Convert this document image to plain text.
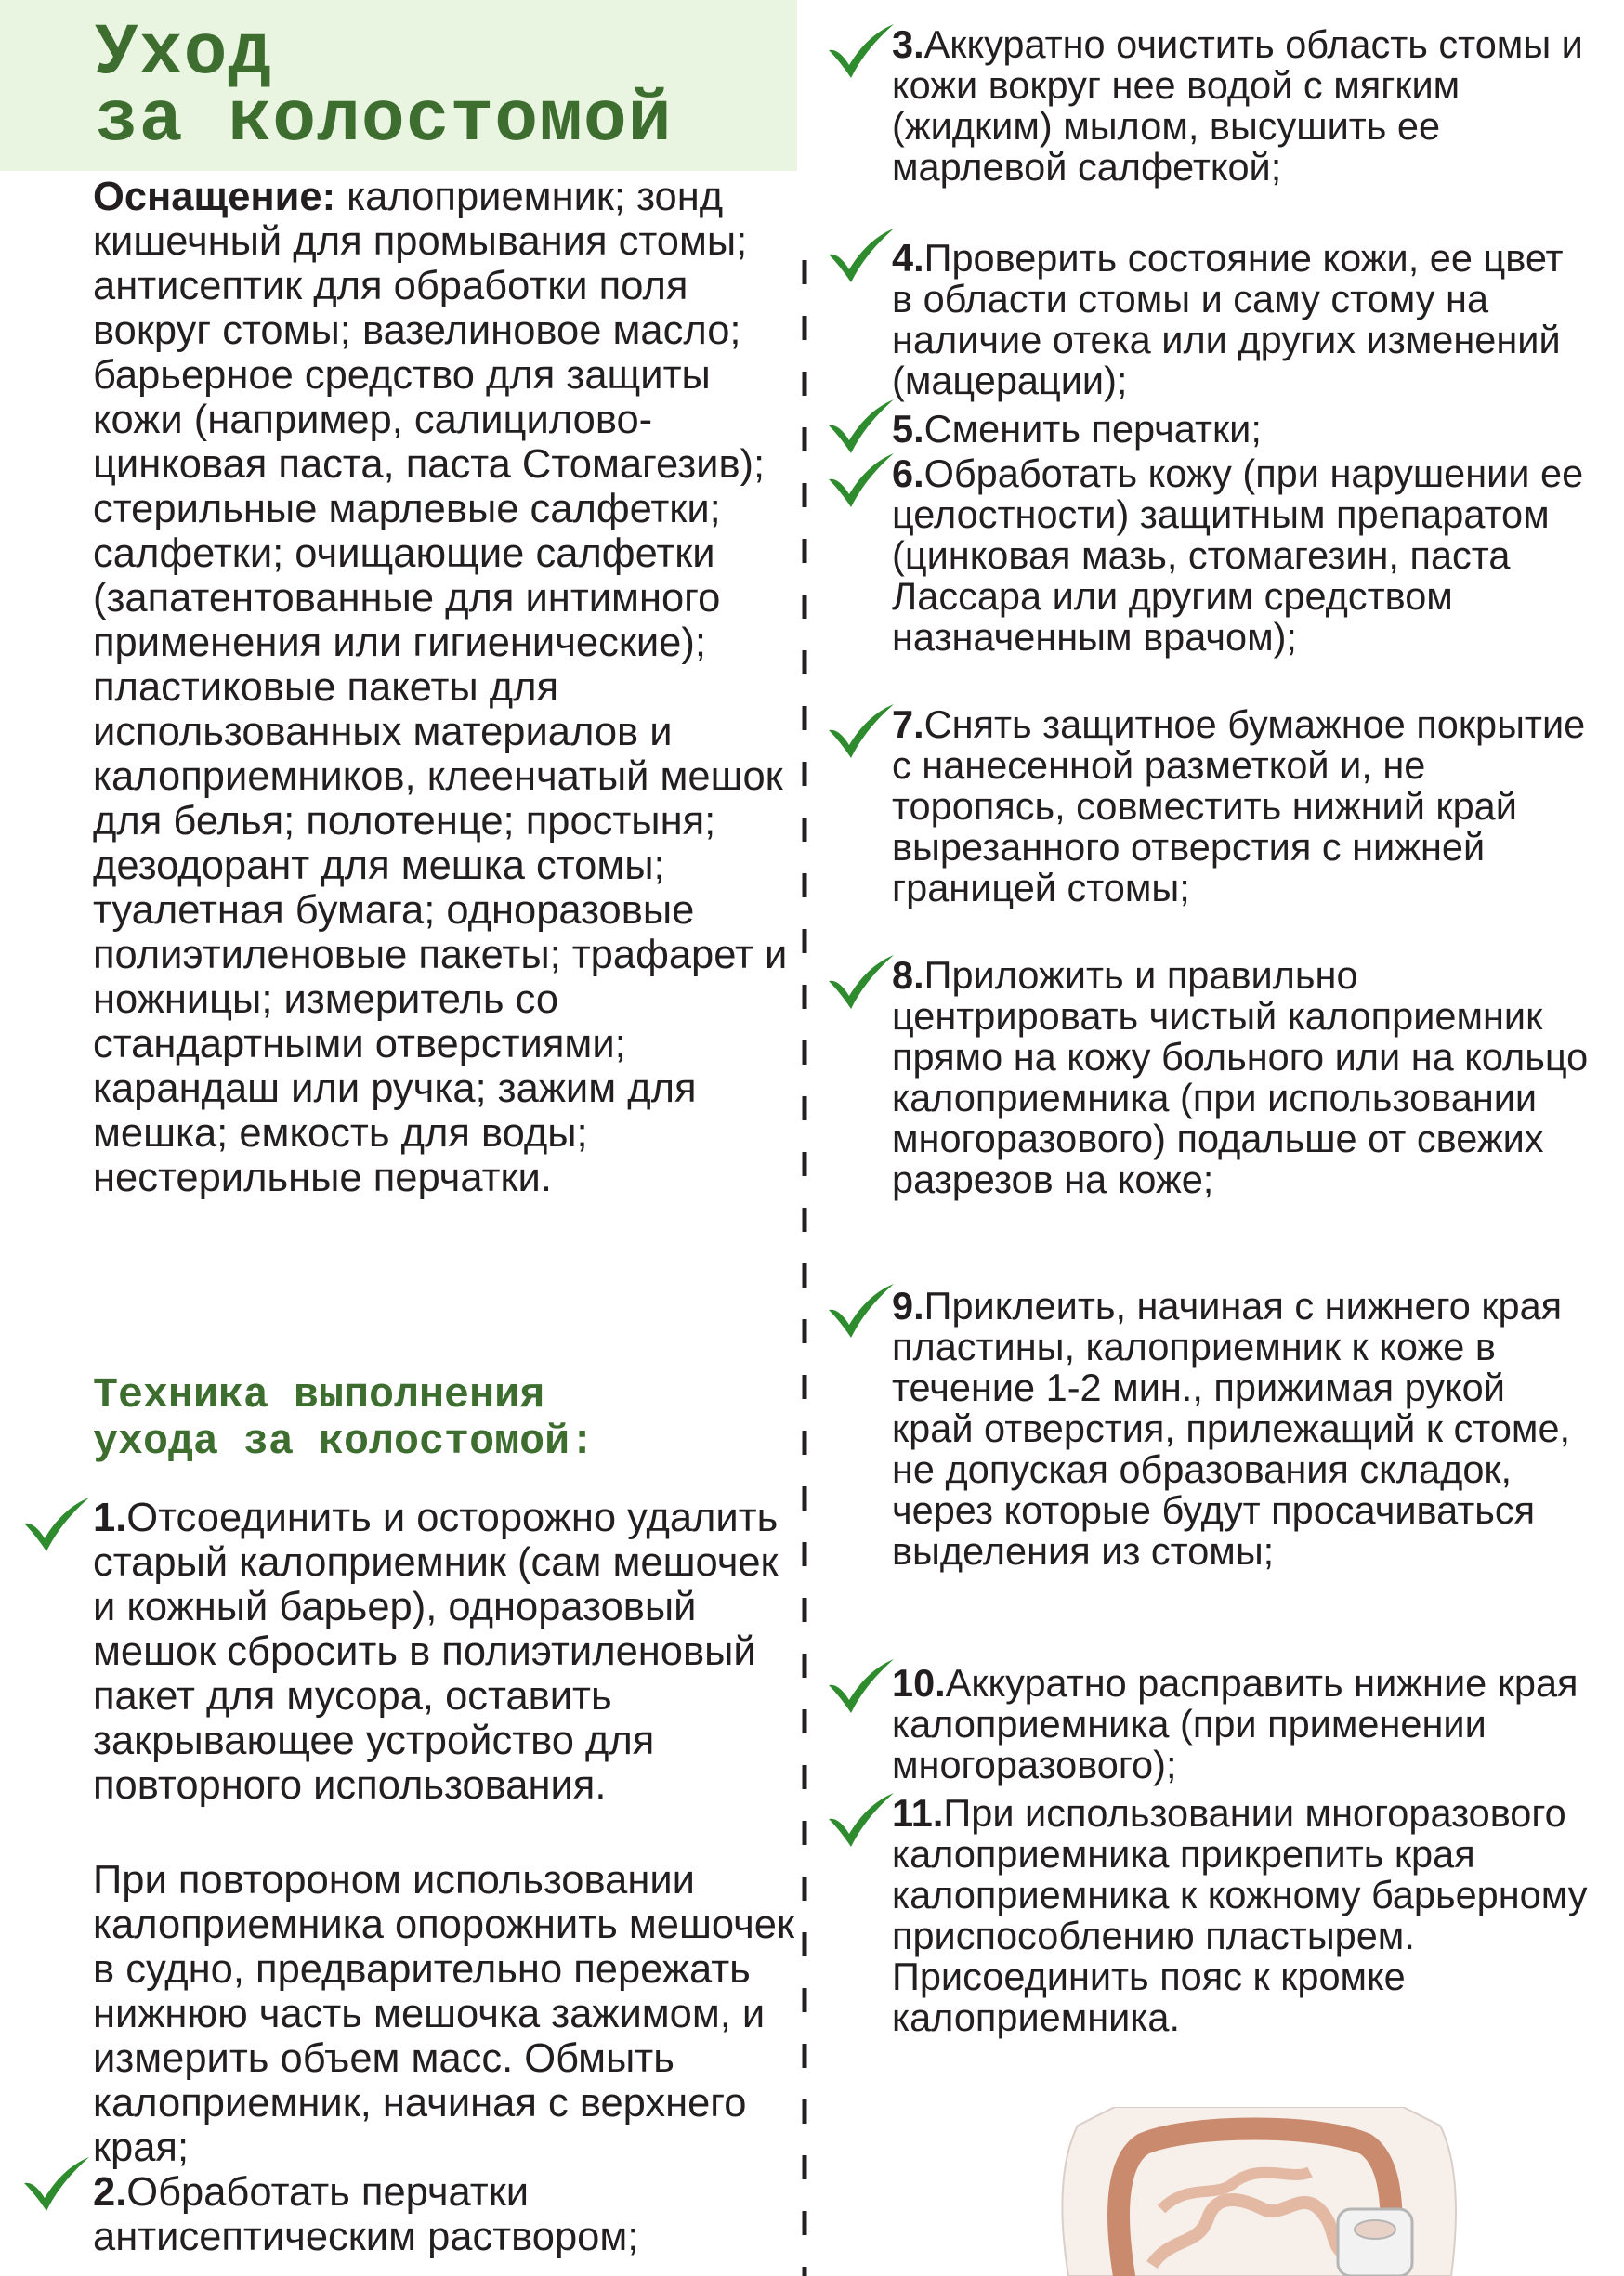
Уход
за колостомой

Оснащение: калоприемник; зонд кишечный для промывания стомы; антисептик для обработки поля вокруг стомы; вазелиновое масло; барьерное средство для защиты кожи (например, салицилово-цинковая паста, паста Стомагезив); стерильные марлевые салфетки; салфетки; очищающие салфетки (запатентованные для интимного применения или гигиенические); пластиковые пакеты для использованных материалов и калоприемников, клеенчатый мешок для белья; полотенце; простыня; дезодорант для мешка стомы; туалетная бумага; одноразовые полиэтиленовые пакеты; трафарет и ножницы; измеритель со стандартными отверстиями; карандаш или ручка; зажим для мешка; емкость для воды; нестерильные перчатки.

Техника выполнения
ухода за колостомой:

1.Отсоединить и осторожно удалить старый калоприемник (сам мешочек и кожный барьер), одноразовый мешок сбросить в полиэтиленовый пакет для мусора, оставить закрывающее устройство для повторного использования.

При повтороном использовании калоприемника опорожнить мешочек в судно, предварительно пережать нижнюю часть мешочка зажимом, и измерить объем масс. Обмыть калоприемник, начиная с верхнего края;

2.Обработать перчатки антисептическим раствором;

3.Аккуратно очистить область стомы и кожи вокруг нее водой с мягким (жидким) мылом, высушить ее марлевой салфеткой;

4.Проверить состояние кожи, ее цвет в области стомы и саму стому на наличие отека или других изменений (мацерации);

5.Сменить перчатки;

6.Обработать кожу (при нарушении ее целостности) защитным препаратом (цинковая мазь, стомагезин, паста Лассара или другим средством назначенным врачом);

7.Снять защитное бумажное покрытие с нанесенной разметкой и, не торопясь, совместить нижний край вырезанного отверстия с нижней границей стомы;

8.Приложить и правильно центрировать чистый калоприемник прямо на кожу больного или на кольцо калоприемника (при использовании многоразового) подальше от свежих разрезов на коже;

9.Приклеить, начиная с нижнего края пластины, калоприемник к коже в течение 1-2 мин., прижимая рукой край отверстия, прилежащий к стоме, не допуская образования складок, через которые будут просачиваться выделения из стомы;

10.Аккуратно расправить нижние края калоприемника (при применении многоразового);

11.При использовании многоразового калоприемника прикрепить края калоприемника к кожному барьерному приспособлению пластырем. Присоединить пояс к кромке калоприемника.
